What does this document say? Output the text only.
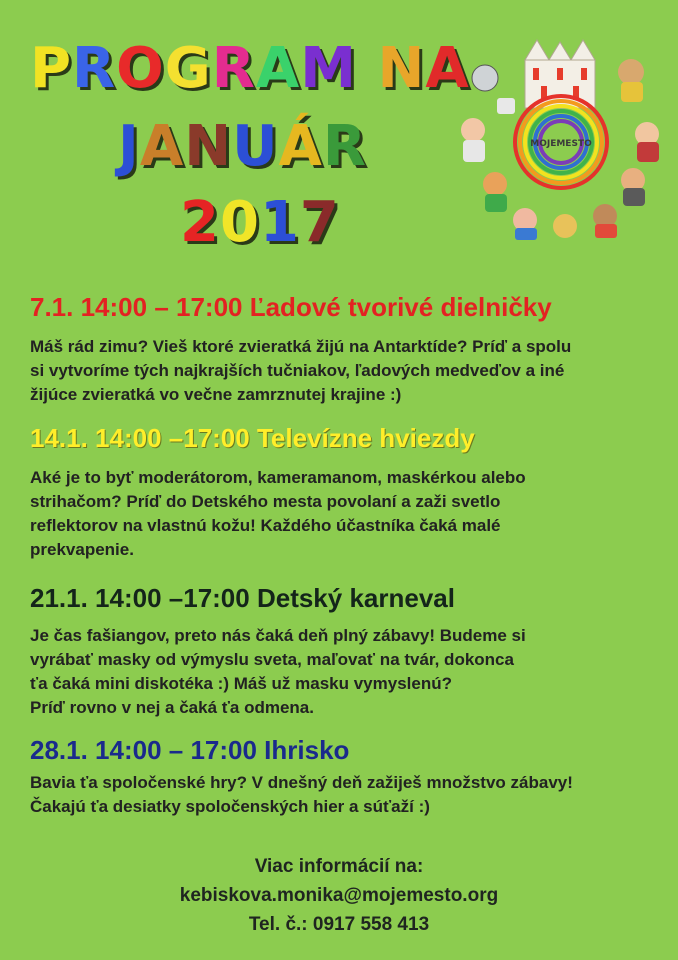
PROGRAM NA
JANUÁR
2017
MOJEMESTO
7.1. 14:00 – 17:00 Ľadové tvorivé dielničky

Máš rád zimu? Vieš ktoré zvieratká žijú na Antarktíde? Príď a spolu

si vytvoríme tých najkrajších tučniakov, ľadových medveďov a iné

žijúce zvieratká vo večne zamrznutej krajine :)

14.1. 14:00 –17:00 Televízne hviezdy

Aké je to byť moderátorom, kameramanom, maskérkou alebo

strihačom? Príď do Detského mesta povolaní a zaži svetlo

reflektorov na vlastnú kožu! Každého účastníka čaká malé

prekvapenie.

21.1. 14:00 –17:00 Detský karneval

Je čas fašiangov, preto nás čaká deň plný zábavy! Budeme si

vyrábať masky od výmyslu sveta, maľovať na tvár, dokonca

ťa čaká mini diskotéka :) Máš už masku vymyslenú?

Príď rovno v nej a čaká ťa odmena.

28.1. 14:00 – 17:00 Ihrisko

Bavia ťa spoločenské hry? V dnešný deň zažiješ množstvo zábavy!

Čakajú ťa desiatky spoločenských hier a súťaží :)

Viac informácií na:
kebiskova.monika@mojemesto.org
Tel. č.: 0917 558 413
